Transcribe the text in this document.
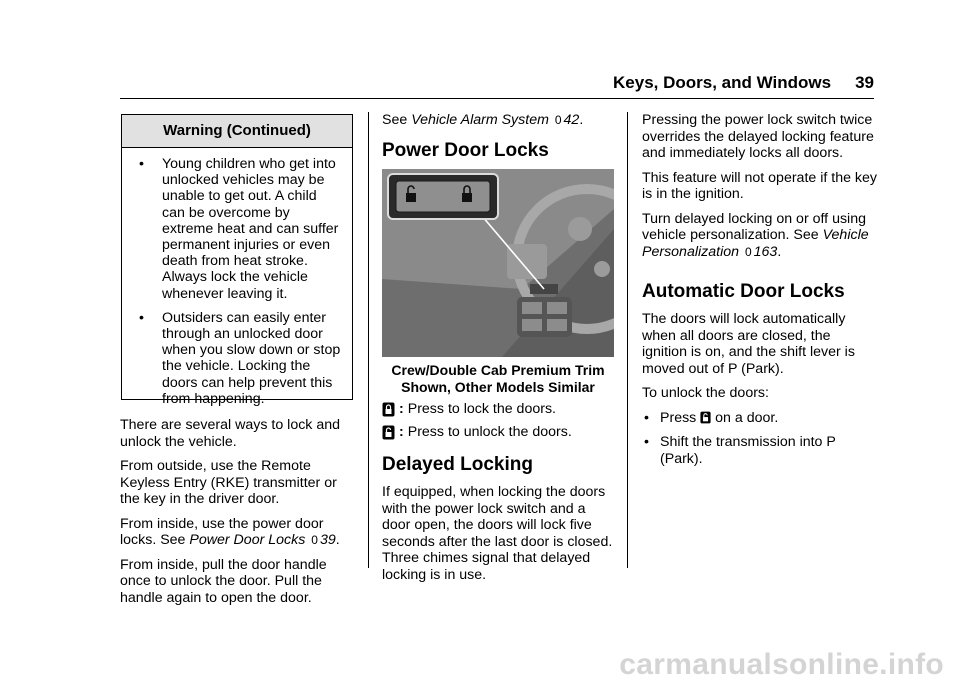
Keys, Doors, and Windows 39
Warning (Continued)
• Young children who get into unlocked vehicles may be unable to get out. A child can be overcome by extreme heat and can suffer permanent injuries or even death from heat stroke. Always lock the vehicle whenever leaving it.
• Outsiders can easily enter through an unlocked door when you slow down or stop the vehicle. Locking the doors can help prevent this from happening.

There are several ways to lock and unlock the vehicle.

From outside, use the Remote Keyless Entry (RKE) transmitter or the key in the driver door.

From inside, use the power door locks. See Power Door Locks 0 39.

From inside, pull the door handle once to unlock the door. Pull the handle again to open the door.

See Vehicle Alarm System 0 42.
Power Door Locks
Crew/Double Cab Premium Trim Shown, Other Models Similar
: Press to lock the doors.
: Press to unlock the doors.
Delayed Locking

If equipped, when locking the doors with the power lock switch and a door open, the doors will lock five seconds after the last door is closed. Three chimes signal that delayed locking is in use.

Pressing the power lock switch twice overrides the delayed locking feature and immediately locks all doors.

This feature will not operate if the key is in the ignition.

Turn delayed locking on or off using vehicle personalization. See Vehicle Personalization 0 163.

Automatic Door Locks

The doors will lock automatically when all doors are closed, the ignition is on, and the shift lever is moved out of P (Park).

To unlock the doors:

• Press on a door.
• Shift the transmission into P (Park).
carmanualsonline.info
